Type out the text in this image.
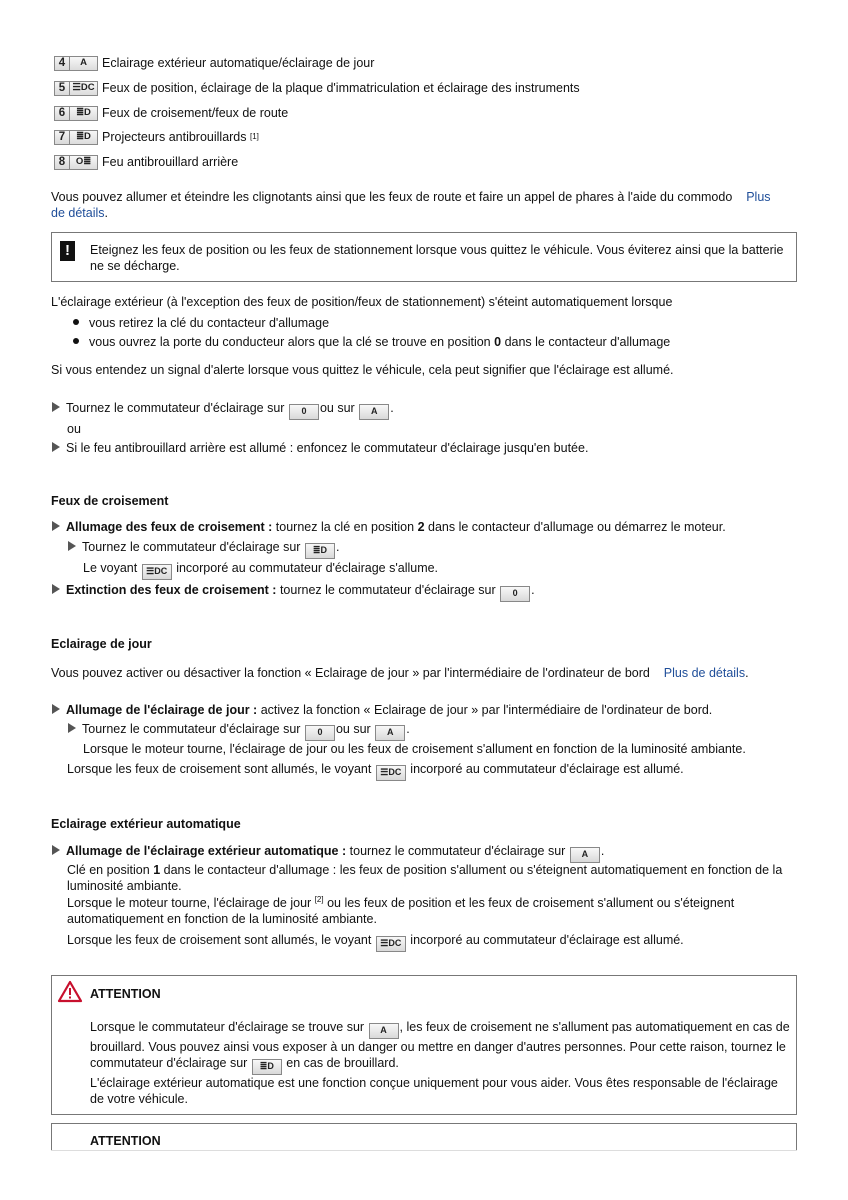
4	A	Eclairage extérieur automatique/éclairage de jour
5 ☰DC Feux de position, éclairage de la plaque d'immatriculation et éclairage des instruments
6	≣D Feux de croisement/feux de route
7	≣D Projecteurs antibrouillards
[1]
8	O≣ Feu antibrouillard arrière
Vous pouvez allumer et éteindre les clignotants ainsi que les feux de route et faire un appel de phares à l'aide du commodo Plus
de détails.
!	Eteignez les feux de position ou les feux de stationnement lorsque vous quittez le véhicule. Vous éviterez ainsi que la batterie ne se décharge.
L'éclairage extérieur (à l'exception des feux de position/feux de stationnement) s'éteint automatiquement lorsque
vous retirez la clé du contacteur d'allumage
vous ouvrez la porte du conducteur alors que la clé se trouve en position 0 dans le contacteur d'allumage
Si vous entendez un signal d'alerte lorsque vous quittez le véhicule, cela peut signifier que l'éclairage est allumé.
Tournez le commutateur d'éclairage sur 0 ou sur A .
ou
Si le feu antibrouillard arrière est allumé : enfoncez le commutateur d'éclairage jusqu'en butée.
Feux de croisement
Allumage des feux de croisement : tournez la clé en position 2 dans le contacteur d'allumage ou démarrez le moteur.
Tournez le commutateur d'éclairage sur ≣D .
Le voyant ☰DC incorporé au commutateur d'éclairage s'allume.
Extinction des feux de croisement : tournez le commutateur d'éclairage sur 0 .
Eclairage de jour
Vous pouvez activer ou désactiver la fonction « Eclairage de jour » par l'intermédiaire de l'ordinateur de bord Plus de détails.
Allumage de l'éclairage de jour : activez la fonction « Eclairage de jour » par l'intermédiaire de l'ordinateur de bord.
Tournez le commutateur d'éclairage sur 0 ou sur A .
Lorsque le moteur tourne, l'éclairage de jour ou les feux de croisement s'allument en fonction de la luminosité ambiante.
Lorsque les feux de croisement sont allumés, le voyant ☰DC incorporé au commutateur d'éclairage est allumé.
Eclairage extérieur automatique
Allumage de l'éclairage extérieur automatique : tournez le commutateur d'éclairage sur A .
Clé en position 1 dans le contacteur d'allumage : les feux de position s'allument ou s'éteignent automatiquement en fonction de la luminosité ambiante.
Lorsque le moteur tourne, l'éclairage de jour [2] ou les feux de position et les feux de croisement s'allument ou s'éteignent automatiquement en fonction de la luminosité ambiante.
Lorsque les feux de croisement sont allumés, le voyant ☰DC incorporé au commutateur d'éclairage est allumé.
ATTENTION
Lorsque le commutateur d'éclairage se trouve sur A , les feux de croisement ne s'allument pas automatiquement en cas de brouillard. Vous pouvez ainsi vous exposer à un danger ou mettre en danger d'autres personnes. Pour cette raison, tournez le commutateur d'éclairage sur ≣D en cas de brouillard.
L'éclairage extérieur automatique est une fonction conçue uniquement pour vous aider. Vous êtes responsable de l'éclairage de votre véhicule.
ATTENTION
